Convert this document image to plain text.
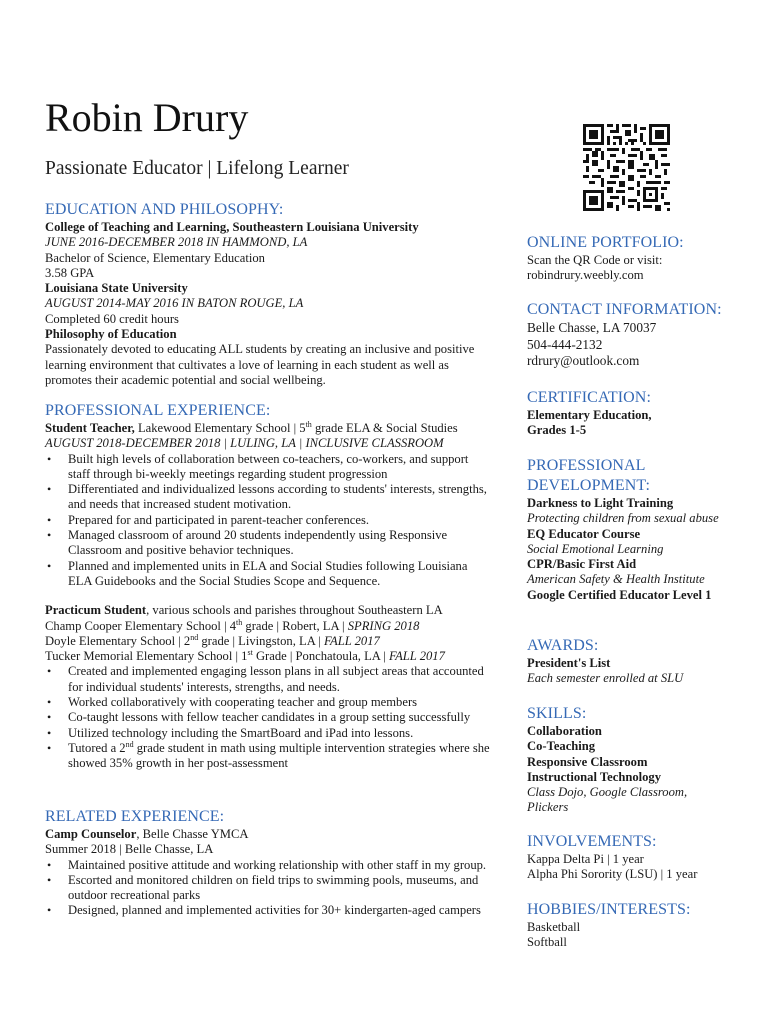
Robin Drury
Passionate Educator | Lifelong Learner
EDUCATION AND PHILOSOPHY:

College of Teaching and Learning, Southeastern Louisiana University

JUNE 2016-DECEMBER 2018 IN HAMMOND, LA

Bachelor of Science, Elementary Education

3.58 GPA

Louisiana State University

AUGUST 2014-MAY 2016 IN BATON ROUGE, LA

Completed 60 credit hours

Philosophy of Education

Passionately devoted to educating ALL students by creating an inclusive and positive learning environment that cultivates a love of learning in each student as well as promotes their academic potential and social wellbeing.

PROFESSIONAL EXPERIENCE:

Student Teacher, Lakewood Elementary School | 5th grade ELA & Social Studies

AUGUST 2018-DECEMBER 2018 | LULING, LA | INCLUSIVE CLASSROOM

• Built high levels of collaboration between co-teachers, co-workers, and support staff through bi-weekly meetings regarding student progression
• Differentiated and individualized lessons according to students' interests, strengths, and needs that increased student motivation.
• Prepared for and participated in parent-teacher conferences.
• Managed classroom of around 20 students independently using Responsive Classroom and positive behavior techniques.
• Planned and implemented units in ELA and Social Studies following Louisiana ELA Guidebooks and the Social Studies Scope and Sequence.

Practicum Student, various schools and parishes throughout Southeastern LA

Champ Cooper Elementary School | 4th grade | Robert, LA | SPRING 2018

Doyle Elementary School | 2nd grade | Livingston, LA | FALL 2017

Tucker Memorial Elementary School | 1st Grade | Ponchatoula, LA | FALL 2017

• Created and implemented engaging lesson plans in all subject areas that accounted for individual students' interests, strengths, and needs.
• Worked collaboratively with cooperating teacher and group members
• Co-taught lessons with fellow teacher candidates in a group setting successfully
• Utilized technology including the SmartBoard and iPad into lessons.
• Tutored a 2nd grade student in math using multiple intervention strategies where she showed 35% growth in her post-assessment
RELATED EXPERIENCE:

Camp Counselor, Belle Chasse YMCA

Summer 2018 | Belle Chasse, LA

• Maintained positive attitude and working relationship with other staff in my group.
• Escorted and monitored children on field trips to swimming pools, museums, and outdoor recreational parks
• Designed, planned and implemented activities for 30+ kindergarten-aged campers
ONLINE PORTFOLIO:

Scan the QR Code or visit:

robindrury.weebly.com

CONTACT INFORMATION:

Belle Chasse, LA 70037

504-444-2132

rdrury@outlook.com

CERTIFICATION:

Elementary Education,

Grades 1-5

PROFESSIONAL
DEVELOPMENT:

Darkness to Light Training

Protecting children from sexual abuse

EQ Educator Course

Social Emotional Learning

CPR/Basic First Aid

American Safety & Health Institute

Google Certified Educator Level 1

AWARDS:

President's List

Each semester enrolled at SLU

SKILLS:

Collaboration

Co-Teaching

Responsive Classroom

Instructional Technology

Class Dojo, Google Classroom, Plickers

INVOLVEMENTS:

Kappa Delta Pi | 1 year

Alpha Phi Sorority (LSU) | 1 year

HOBBIES/INTERESTS:

Basketball

Softball
